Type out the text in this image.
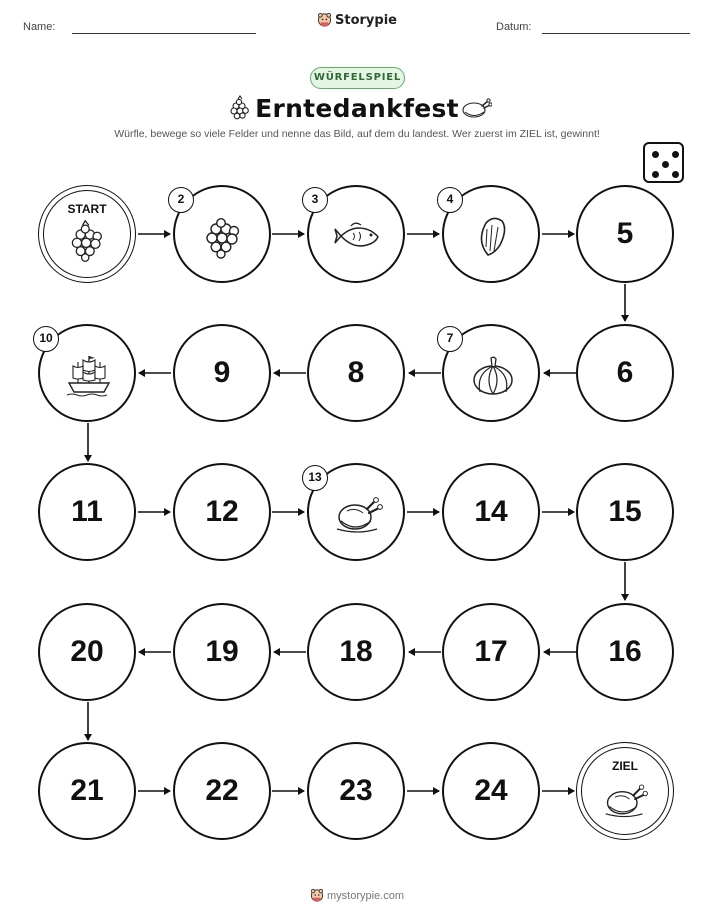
Name:	Storypie	Datum:
WÜRFELSPIEL
Erntedankfest
Würfle, bewege so viele Felder und nenne das Bild, auf dem du landest. Wer zuerst im ZIEL ist, gewinnt!
START
2	3	4
5
10
9	8
7
6
11	12
13
14	15
20	19	18	17	16
21	22	23	24
ZIEL
mystorypie.com
